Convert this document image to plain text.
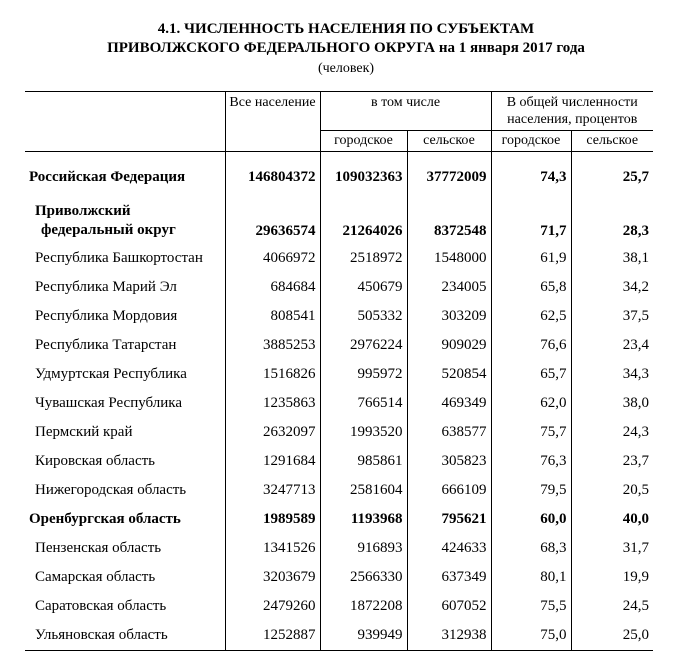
4.1. ЧИСЛЕННОСТЬ НАСЕЛЕНИЯ ПО СУБЪЕКТАМ
ПРИВОЛЖСКОГО ФЕДЕРАЛЬНОГО ОКРУГА на 1 января 2017 года
(человек)
	Все население	в том числе		В общей численности населения, процентов	
		городское	сельское	городское	сельское
Российская Федерация	146804372	109032363	37772009	74,3	25,7
Приволжский
федеральный округ	29636574	21264026	8372548	71,7	28,3
Республика Башкортостан	4066972	2518972	1548000	61,9	38,1
Республика Марий Эл	684684	450679	234005	65,8	34,2
Республика Мордовия	808541	505332	303209	62,5	37,5
Республика Татарстан	3885253	2976224	909029	76,6	23,4
Удмуртская Республика	1516826	995972	520854	65,7	34,3
Чувашская Республика	1235863	766514	469349	62,0	38,0
Пермский край	2632097	1993520	638577	75,7	24,3
Кировская область	1291684	985861	305823	76,3	23,7
Нижегородская область	3247713	2581604	666109	79,5	20,5
Оренбургская область	1989589	1193968	795621	60,0	40,0
Пензенская область	1341526	916893	424633	68,3	31,7
Самарская область	3203679	2566330	637349	80,1	19,9
Саратовская область	2479260	1872208	607052	75,5	24,5
Ульяновская область	1252887	939949	312938	75,0	25,0
